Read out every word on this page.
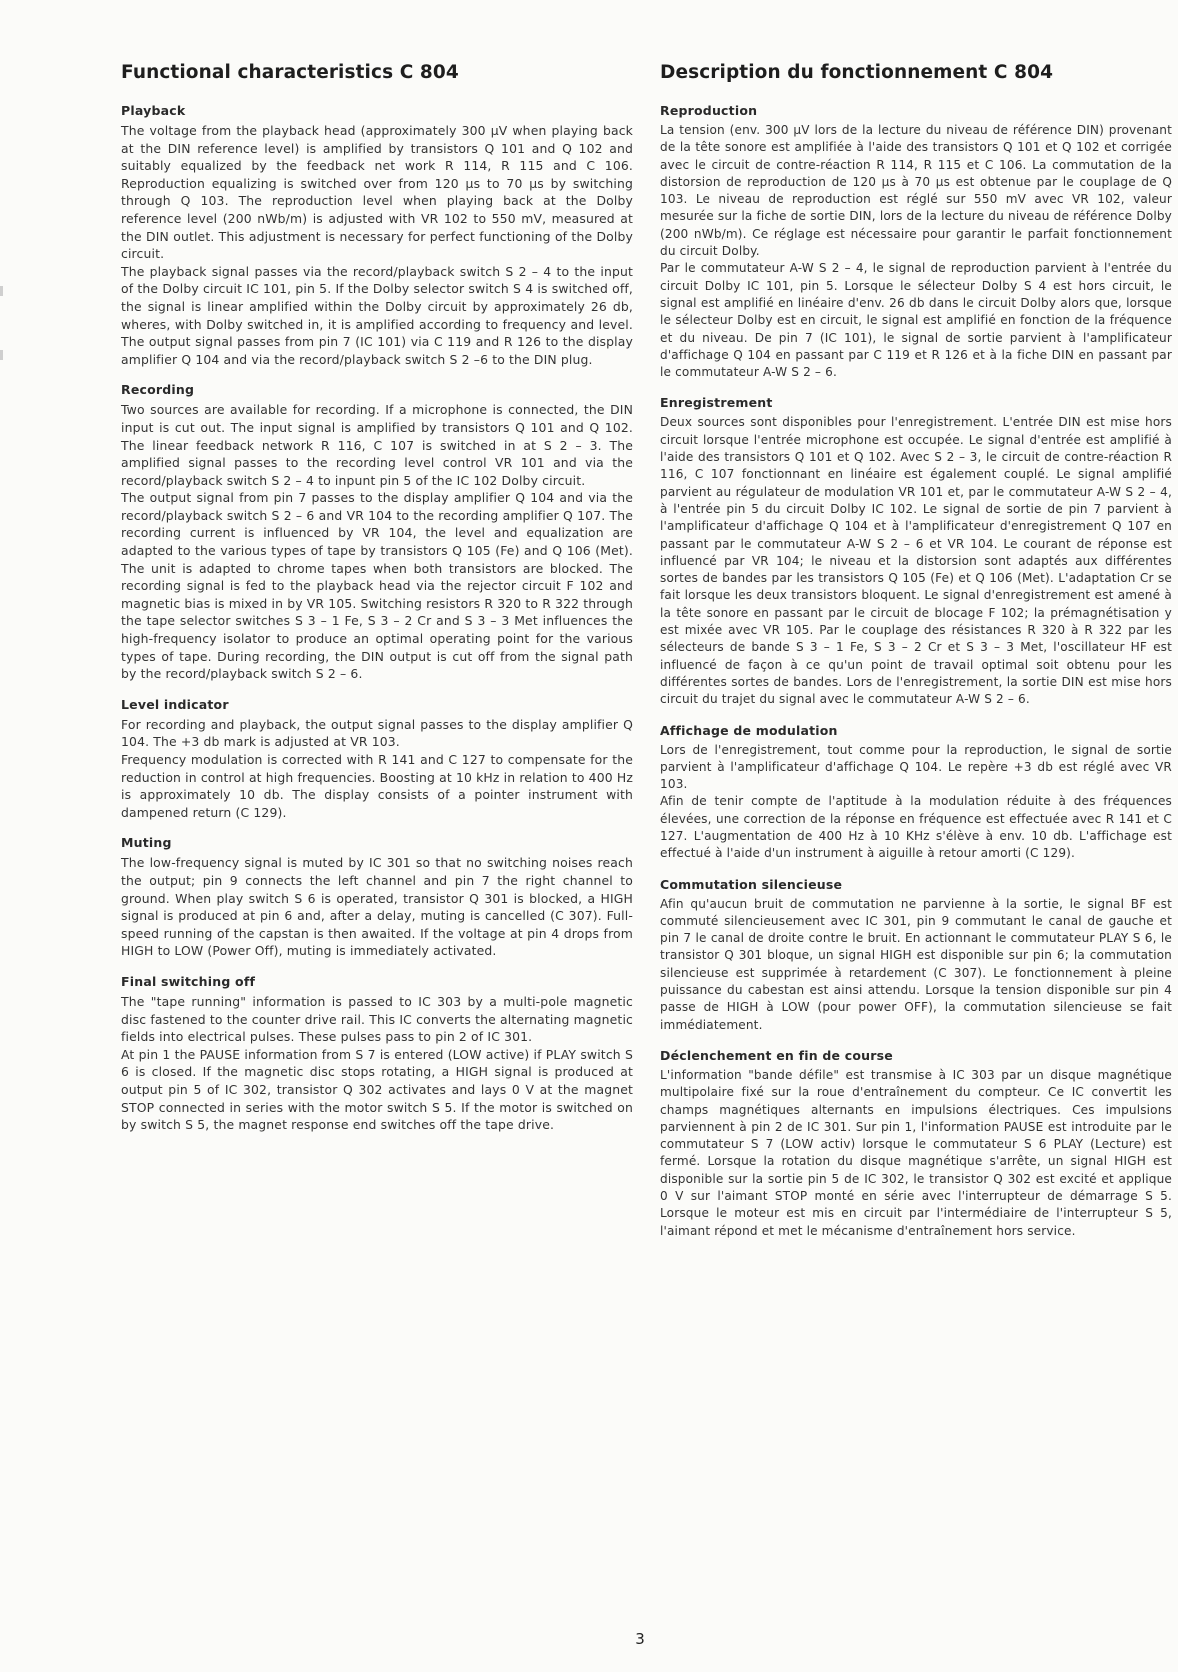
Functional characteristics C 804
Playback

The voltage from the playback head (approximately 300 µV when playing back at the DIN reference level) is amplified by transistors Q 101 and Q 102 and suitably equalized by the feedback net work R 114, R 115 and C 106. Reproduction equalizing is switched over from 120 µs to 70 µs by switching through Q 103. The reproduction level when playing back at the Dolby reference level (200 nWb/m) is adjusted with VR 102 to 550 mV, measured at the DIN outlet. This adjustment is necessary for perfect functioning of the Dolby circuit.

The playback signal passes via the record/playback switch S 2 – 4 to the input of the Dolby circuit IC 101, pin 5. If the Dolby selector switch S 4 is switched off, the signal is linear amplified within the Dolby circuit by approximately 26 db, wheres, with Dolby switched in, it is amplified according to frequency and level. The output signal passes from pin 7 (IC 101) via C 119 and R 126 to the display amplifier Q 104 and via the record/playback switch S 2 –6 to the DIN plug.

Recording

Two sources are available for recording. If a microphone is connected, the DIN input is cut out. The input signal is amplified by transistors Q 101 and Q 102. The linear feedback network R 116, C 107 is switched in at S 2 – 3. The amplified signal passes to the recording level control VR 101 and via the record/playback switch S 2 – 4 to inpunt pin 5 of the IC 102 Dolby circuit.

The output signal from pin 7 passes to the display amplifier Q 104 and via the record/playback switch S 2 – 6 and VR 104 to the recording amplifier Q 107. The recording current is influenced by VR 104, the level and equalization are adapted to the various types of tape by transistors Q 105 (Fe) and Q 106 (Met). The unit is adapted to chrome tapes when both transistors are blocked. The recording signal is fed to the playback head via the rejector circuit F 102 and magnetic bias is mixed in by VR 105. Switching resistors R 320 to R 322 through the tape selector switches S 3 – 1 Fe, S 3 – 2 Cr and S 3 – 3 Met influences the high-frequency isolator to produce an optimal operating point for the various types of tape. During recording, the DIN output is cut off from the signal path by the record/playback switch S 2 – 6.

Level indicator

For recording and playback, the output signal passes to the display amplifier Q 104. The +3 db mark is adjusted at VR 103.

Frequency modulation is corrected with R 141 and C 127 to compensate for the reduction in control at high frequencies. Boosting at 10 kHz in relation to 400 Hz is approximately 10 db. The display consists of a pointer instrument with dampened return (C 129).

Muting

The low-frequency signal is muted by IC 301 so that no switching noises reach the output; pin 9 connects the left channel and pin 7 the right channel to ground. When play switch S 6 is operated, transistor Q 301 is blocked, a HIGH signal is produced at pin 6 and, after a delay, muting is cancelled (C 307). Full-speed running of the capstan is then awaited. If the voltage at pin 4 drops from HIGH to LOW (Power Off), muting is immediately activated.

Final switching off

The "tape running" information is passed to IC 303 by a multi-pole magnetic disc fastened to the counter drive rail. This IC converts the alternating magnetic fields into electrical pulses. These pulses pass to pin 2 of IC 301.

At pin 1 the PAUSE information from S 7 is entered (LOW active) if PLAY switch S 6 is closed. If the magnetic disc stops rotating, a HIGH signal is produced at output pin 5 of IC 302, transistor Q 302 activates and lays 0 V at the magnet STOP connected in series with the motor switch S 5. If the motor is switched on by switch S 5, the magnet response end switches off the tape drive.

Description du fonctionnement C 804
Reproduction

La tension (env. 300 µV lors de la lecture du niveau de référence DIN) provenant de la tête sonore est amplifiée à l'aide des transistors Q 101 et Q 102 et corrigée avec le circuit de contre-réaction R 114, R 115 et C 106. La commutation de la distorsion de reproduction de 120 µs à 70 µs est obtenue par le couplage de Q 103. Le niveau de reproduction est réglé sur 550 mV avec VR 102, valeur mesurée sur la fiche de sortie DIN, lors de la lecture du niveau de référence Dolby (200 nWb/m). Ce réglage est nécessaire pour garantir le parfait fonctionnement du circuit Dolby.

Par le commutateur A-W S 2 – 4, le signal de reproduction parvient à l'entrée du circuit Dolby IC 101, pin 5. Lorsque le sélecteur Dolby S 4 est hors circuit, le signal est amplifié en linéaire d'env. 26 db dans le circuit Dolby alors que, lorsque le sélecteur Dolby est en circuit, le signal est amplifié en fonction de la fréquence et du niveau. De pin 7 (IC 101), le signal de sortie parvient à l'amplificateur d'affichage Q 104 en passant par C 119 et R 126 et à la fiche DIN en passant par le commutateur A-W S 2 – 6.

Enregistrement

Deux sources sont disponibles pour l'enregistrement. L'entrée DIN est mise hors circuit lorsque l'entrée microphone est occupée. Le signal d'entrée est amplifié à l'aide des transistors Q 101 et Q 102. Avec S 2 – 3, le circuit de contre-réaction R 116, C 107 fonctionnant en linéaire est également couplé. Le signal amplifié parvient au régulateur de modulation VR 101 et, par le commutateur A-W S 2 – 4, à l'entrée pin 5 du circuit Dolby IC 102. Le signal de sortie de pin 7 parvient à l'amplificateur d'affichage Q 104 et à l'amplificateur d'enregistrement Q 107 en passant par le commutateur A-W S 2 – 6 et VR 104. Le courant de réponse est influencé par VR 104; le niveau et la distorsion sont adaptés aux différentes sortes de bandes par les transistors Q 105 (Fe) et Q 106 (Met). L'adaptation Cr se fait lorsque les deux transistors bloquent. Le signal d'enregistrement est amené à la tête sonore en passant par le circuit de blocage F 102; la prémagnétisation y est mixée avec VR 105. Par le couplage des résistances R 320 à R 322 par les sélecteurs de bande S 3 – 1 Fe, S 3 – 2 Cr et S 3 – 3 Met, l'oscillateur HF est influencé de façon à ce qu'un point de travail optimal soit obtenu pour les différentes sortes de bandes. Lors de l'enregistrement, la sortie DIN est mise hors circuit du trajet du signal avec le commutateur A-W S 2 – 6.

Affichage de modulation

Lors de l'enregistrement, tout comme pour la reproduction, le signal de sortie parvient à l'amplificateur d'affichage Q 104. Le repère +3 db est réglé avec VR 103.

Afin de tenir compte de l'aptitude à la modulation réduite à des fréquences élevées, une correction de la réponse en fréquence est effectuée avec R 141 et C 127. L'augmentation de 400 Hz à 10 KHz s'élève à env. 10 db. L'affichage est effectué à l'aide d'un instrument à aiguille à retour amorti (C 129).

Commutation silencieuse

Afin qu'aucun bruit de commutation ne parvienne à la sortie, le signal BF est commuté silencieusement avec IC 301, pin 9 commutant le canal de gauche et pin 7 le canal de droite contre le bruit. En actionnant le commutateur PLAY S 6, le transistor Q 301 bloque, un signal HIGH est disponible sur pin 6; la commutation silencieuse est supprimée à retardement (C 307). Le fonctionnement à pleine puissance du cabestan est ainsi attendu. Lorsque la tension disponible sur pin 4 passe de HIGH à LOW (pour power OFF), la commutation silencieuse se fait immédiatement.

Déclenchement en fin de course

L'information "bande défile" est transmise à IC 303 par un disque magnétique multipolaire fixé sur la roue d'entraînement du compteur. Ce IC convertit les champs magnétiques alternants en impulsions électriques. Ces impulsions parviennent à pin 2 de IC 301. Sur pin 1, l'information PAUSE est introduite par le commutateur S 7 (LOW activ) lorsque le commutateur S 6 PLAY (Lecture) est fermé. Lorsque la rotation du disque magnétique s'arrête, un signal HIGH est disponible sur la sortie pin 5 de IC 302, le transistor Q 302 est excité et applique 0 V sur l'aimant STOP monté en série avec l'interrupteur de démarrage S 5. Lorsque le moteur est mis en circuit par l'intermédiaire de l'interrupteur S 5, l'aimant répond et met le mécanisme d'entraînement hors service.

3
